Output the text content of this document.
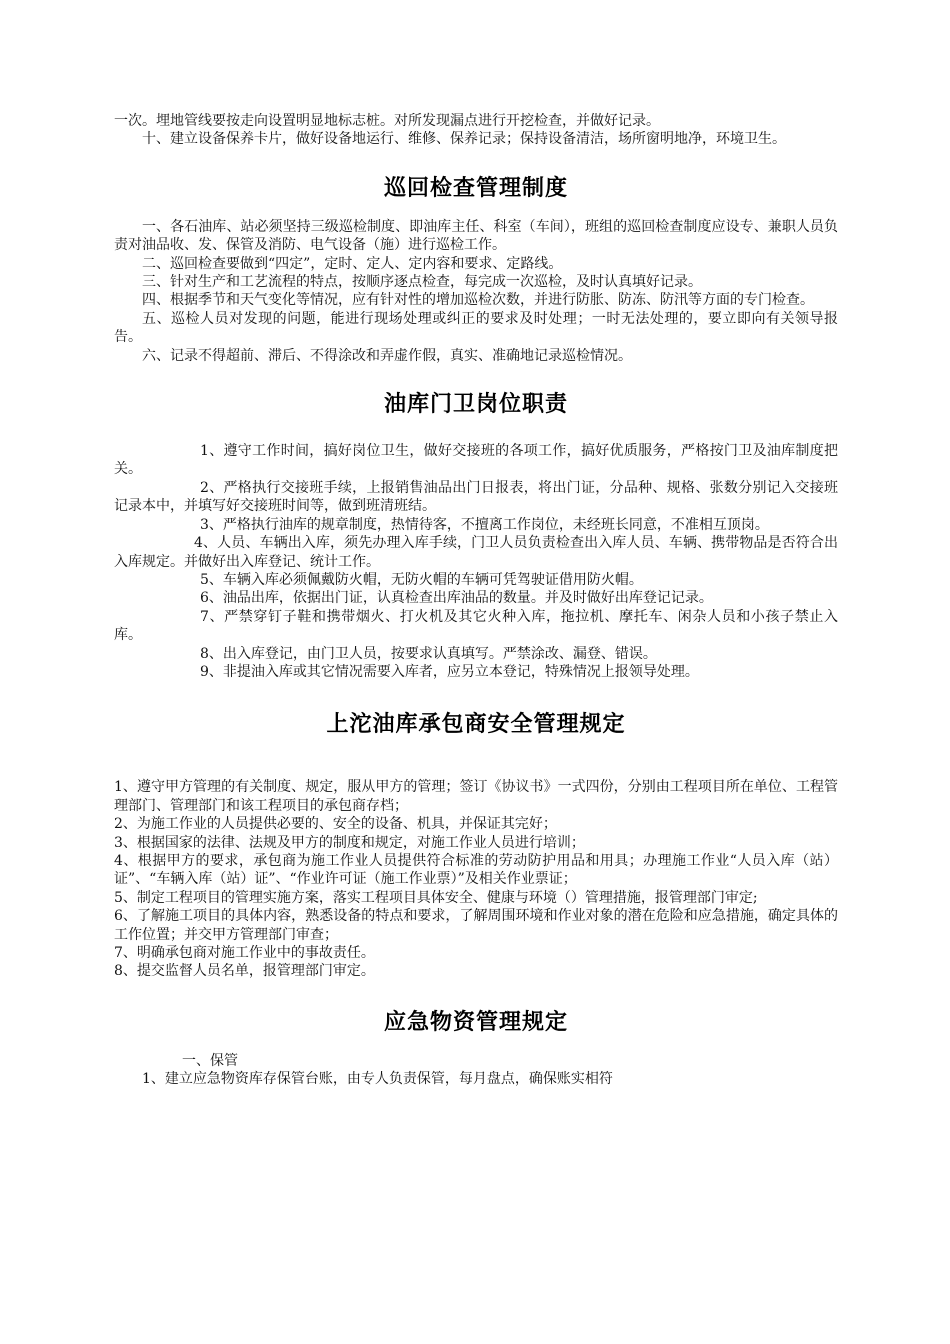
一次。埋地管线要按走向设置明显地标志桩。对所发现漏点进行开挖检查，并做好记录。

十、建立设备保养卡片，做好设备地运行、维修、保养记录；保持设备清洁，场所窗明地净，环境卫生。

巡回检查管理制度

一、各石油库、站必须坚持三级巡检制度、即油库主任、科室（车间），班组的巡回检查制度应设专、兼职人员负责对油品收、发、保管及消防、电气设备（施）进行巡检工作。

二、巡回检查要做到“四定”，定时、定人、定内容和要求、定路线。

三、针对生产和工艺流程的特点，按顺序逐点检查，每完成一次巡检，及时认真填好记录。

四、根据季节和天气变化等情况，应有针对性的增加巡检次数，并进行防胀、防冻、防汛等方面的专门检查。

五、巡检人员对发现的问题，能进行现场处理或纠正的要求及时处理；一时无法处理的，要立即向有关领导报告。

六、记录不得超前、滞后、不得涂改和弄虚作假，真实、准确地记录巡检情况。

油库门卫岗位职责

1、遵守工作时间，搞好岗位卫生，做好交接班的各项工作，搞好优质服务，严格按门卫及油库制度把关。

2、严格执行交接班手续，上报销售油品出门日报表，将出门证，分品种、规格、张数分别记入交接班记录本中，并填写好交接班时间等，做到班清班结。

3、严格执行油库的规章制度，热情待客，不擅离工作岗位，未经班长同意，不准相互顶岗。

4、人员、车辆出入库，须先办理入库手续，门卫人员负责检查出入库人员、车辆、携带物品是否符合出入库规定。并做好出入库登记、统计工作。

5、车辆入库必须佩戴防火帽，无防火帽的车辆可凭驾驶证借用防火帽。

6、油品出库，依据出门证，认真检查出库油品的数量。并及时做好出库登记记录。

7、严禁穿钉子鞋和携带烟火、打火机及其它火种入库，拖拉机、摩托车、闲杂人员和小孩子禁止入库。

8、出入库登记，由门卫人员，按要求认真填写。严禁涂改、漏登、错误。

9、非提油入库或其它情况需要入库者，应另立本登记，特殊情况上报领导处理。

上沱油库承包商安全管理规定

1、遵守甲方管理的有关制度、规定，服从甲方的管理；签订《协议书》一式四份，分别由工程项目所在单位、工程管理部门、管理部门和该工程项目的承包商存档；

2、为施工作业的人员提供必要的、安全的设备、机具，并保证其完好；

3、根据国家的法律、法规及甲方的制度和规定，对施工作业人员进行培训；

4、根据甲方的要求，承包商为施工作业人员提供符合标准的劳动防护用品和用具；办理施工作业“人员入库（站）证”、“车辆入库（站）证”、“作业许可证（施工作业票）”及相关作业票证；

5、制定工程项目的管理实施方案，落实工程项目具体安全、健康与环境（）管理措施，报管理部门审定;

6、了解施工项目的具体内容，熟悉设备的特点和要求，了解周围环境和作业对象的潜在危险和应急措施，确定具体的工作位置；并交甲方管理部门审查；

7、明确承包商对施工作业中的事故责任。

8、提交监督人员名单，报管理部门审定。

应急物资管理规定

一、保管

1、建立应急物资库存保管台账，由专人负责保管，每月盘点，确保账实相符
